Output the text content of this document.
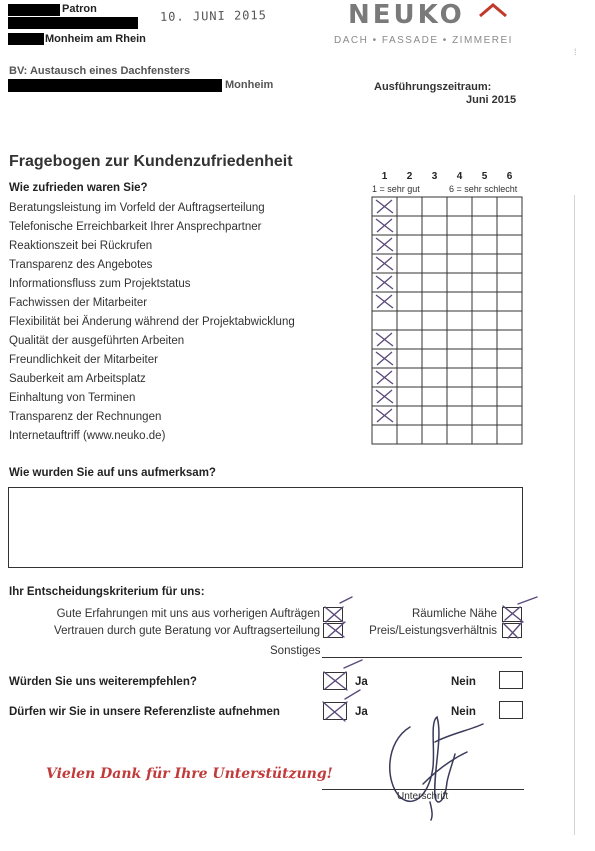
Patron
Monheim am Rhein
10. JUNI 2015	NEUKO
DACH • FASSADE • ZIMMEREI
⁞
BV: Austausch eines Dachfensters
Monheim	Ausführungszeitraum:
Juni 2015
Fragebogen zur Kundenzufriedenheit
Wie zufrieden waren Sie?
1	2	3	4	5	6
1 = sehr gut	6 = sehr schlecht
Beratungsleistung im Vorfeld der Auftragserteilung
Telefonische Erreichbarkeit Ihrer Ansprechpartner
Reaktionszeit bei Rückrufen
Transparenz des Angebotes
Informationsfluss zum Projektstatus
Fachwissen der Mitarbeiter
Flexibilität bei Änderung während der Projektabwicklung
Qualität der ausgeführten Arbeiten
Freundlichkeit der Mitarbeiter
Sauberkeit am Arbeitsplatz
Einhaltung von Terminen
Transparenz der Rechnungen
Internetauftriff (www.neuko.de)
Wie wurden Sie auf uns aufmerksam?
Ihr Entscheidungskriterium für uns:
Gute Erfahrungen mit uns aus vorherigen Aufträgen
Vertrauen durch gute Beratung vor Auftragserteilung
Räumliche Nähe
Preis/Leistungsverhältnis
Sonstiges
Würden Sie uns weiterempfehlen?	Ja	Nein
Dürfen wir Sie in unsere Referenzliste aufnehmen	Ja	Nein
Vielen Dank für Ihre Unterstützung!
Unterschrift
